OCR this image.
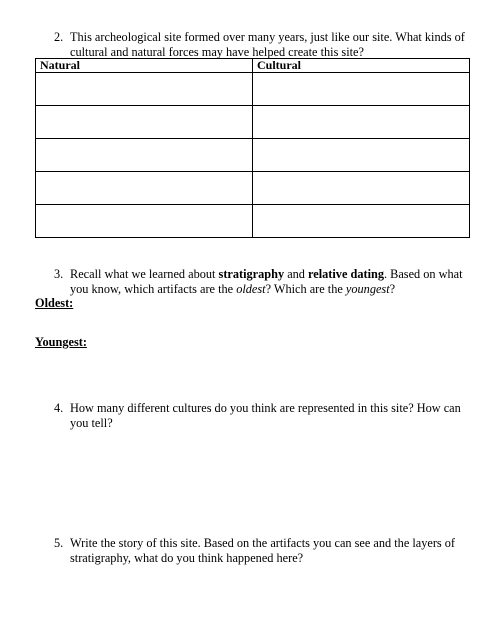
2. This archeological site formed over many years, just like our site. What kinds of cultural and natural forces may have helped create this site?
Natural	Cultural

3. Recall what we learned about stratigraphy and relative dating. Based on what you know, which artifacts are the oldest? Which are the youngest?
Oldest:
Youngest:
4. How many different cultures do you think are represented in this site? How can you tell?
5. Write the story of this site. Based on the artifacts you can see and the layers of stratigraphy, what do you think happened here?
